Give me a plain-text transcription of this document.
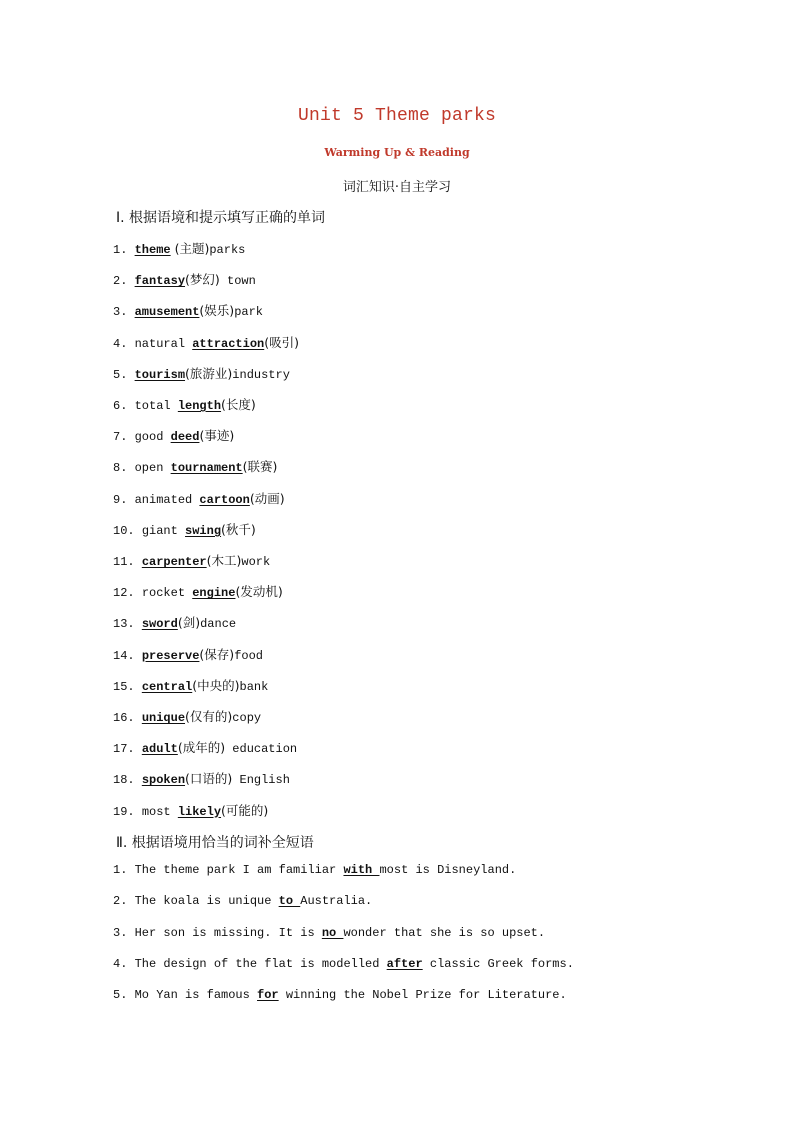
Unit 5 Theme parks
Warming Up & Reading
词汇知识·自主学习
Ⅰ. 根据语境和提示填写正确的单词
1. theme (主题)parks
2. fantasy(梦幻) town
3. amusement(娱乐)park
4. natural attraction(吸引)
5. tourism(旅游业)industry
6. total length(长度)
7. good deed(事迹)
8. open tournament(联赛)
9. animated cartoon(动画)
10. giant swing(秋千)
11. carpenter(木工)work
12. rocket engine(发动机)
13. sword(剑)dance
14. preserve(保存)food
15. central(中央的)bank
16. unique(仅有的)copy
17. adult(成年的) education
18. spoken(口语的) English
19. most likely(可能的)
Ⅱ. 根据语境用恰当的词补全短语
1. The theme park I am familiar with most is Disneyland.
2. The koala is unique to Australia.
3. Her son is missing. It is no wonder that she is so upset.
4. The design of the flat is modelled after classic Greek forms.
5. Mo Yan is famous for winning the Nobel Prize for Literature.
